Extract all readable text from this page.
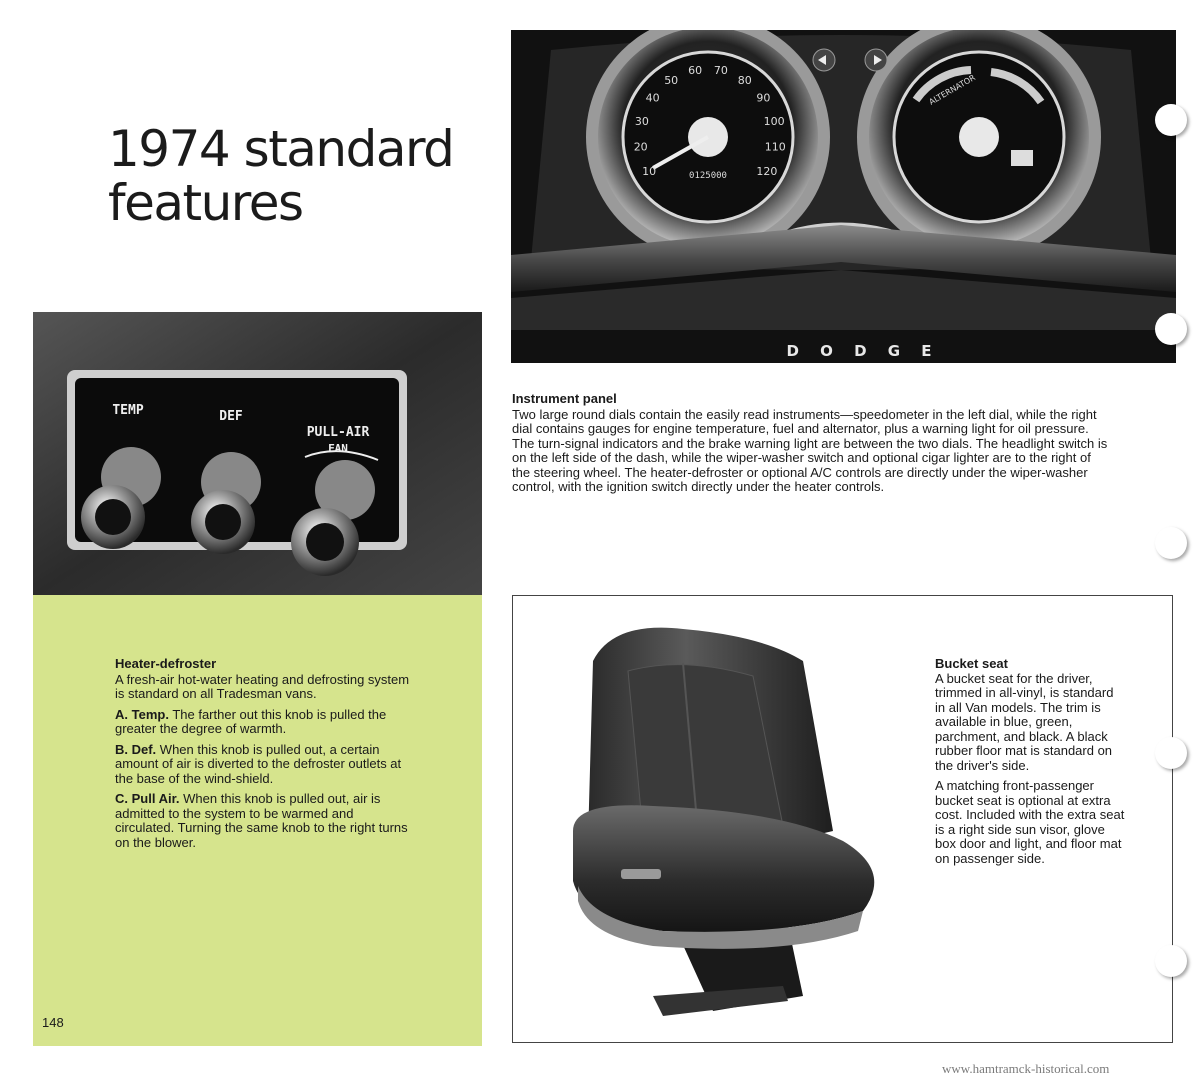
1974 standard
features
10
20
30
40
50
60 70
80
90
100
110
120
0125000
ALTERNATOR
D O D G E
TEMP	DEF
PULL-AIR
FAN
Heater-defroster

A fresh-air hot-water heating and defrosting system is standard on all Tradesman vans.

A. Temp. The farther out this knob is pulled the greater the degree of warmth.

B. Def. When this knob is pulled out, a certain amount of air is diverted to the defroster outlets at the base of the wind-shield.

C. Pull Air. When this knob is pulled out, air is admitted to the system to be warmed and circulated. Turning the same knob to the right turns on the blower.

Instrument panel
Two large round dials contain the easily read instruments—speedometer in the left dial, while the right dial contains gauges for engine temperature, fuel and alternator, plus a warning light for oil pressure. The turn-signal indicators and the brake warning light are between the two dials. The headlight switch is on the left side of the dash, while the wiper-washer switch and optional cigar lighter are to the right of the steering wheel. The heater-defroster or optional A/C controls are directly under the wiper-washer control, with the ignition switch directly under the heater controls.
Bucket seat

A bucket seat for the driver, trimmed in all-vinyl, is standard in all Van models. The trim is available in blue, green, parchment, and black. A black rubber floor mat is standard on the driver's side.

A matching front-passenger bucket seat is optional at extra cost. Included with the extra seat is a right side sun visor, glove box door and light, and floor mat on passenger side.

148
www.hamtramck-historical.com
